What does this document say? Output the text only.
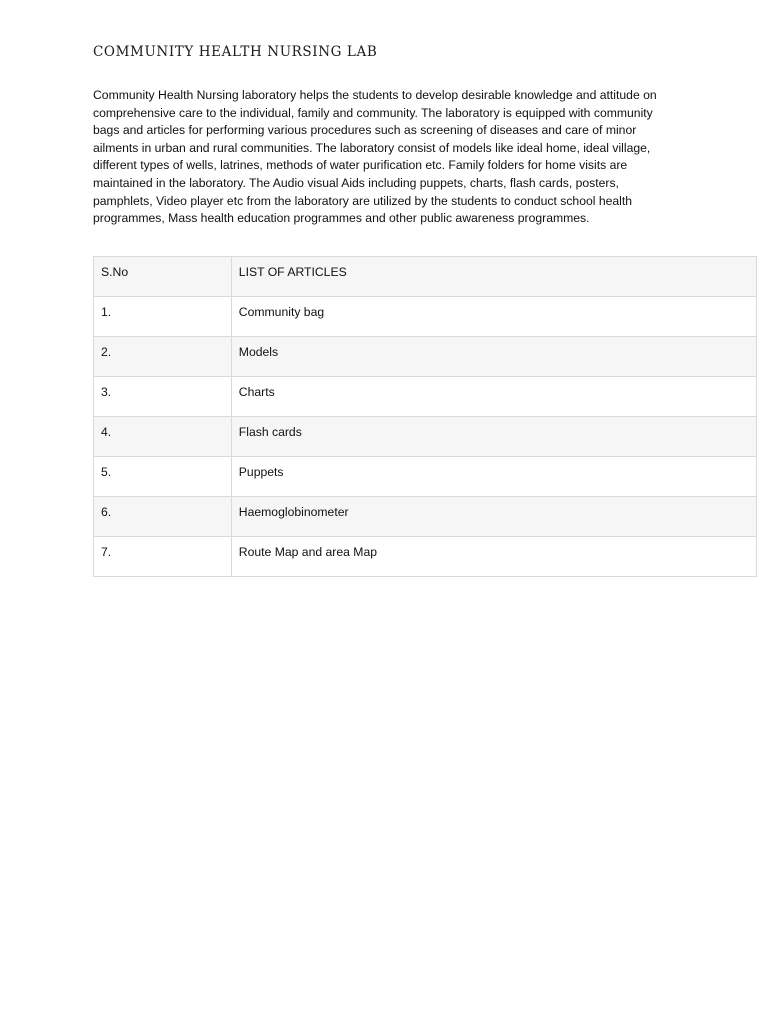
COMMUNITY HEALTH NURSING LAB

Community Health Nursing laboratory helps the students to develop desirable knowledge and attitude on comprehensive care to the individual, family and community. The laboratory is equipped with community bags and articles for performing various procedures such as screening of diseases and care of minor ailments in urban and rural communities. The laboratory consist of models like ideal home, ideal village, different types of wells, latrines, methods of water purification etc. Family folders for home visits are maintained in the laboratory. The Audio visual Aids including puppets, charts, flash cards, posters, pamphlets, Video player etc from the laboratory are utilized by the students to conduct school health programmes, Mass health education programmes and other public awareness programmes.

S.No	LIST OF ARTICLES
1.	Community bag
2.	Models
3.	Charts
4.	Flash cards
5.	Puppets
6.	Haemoglobinometer
7.	Route Map and area Map
